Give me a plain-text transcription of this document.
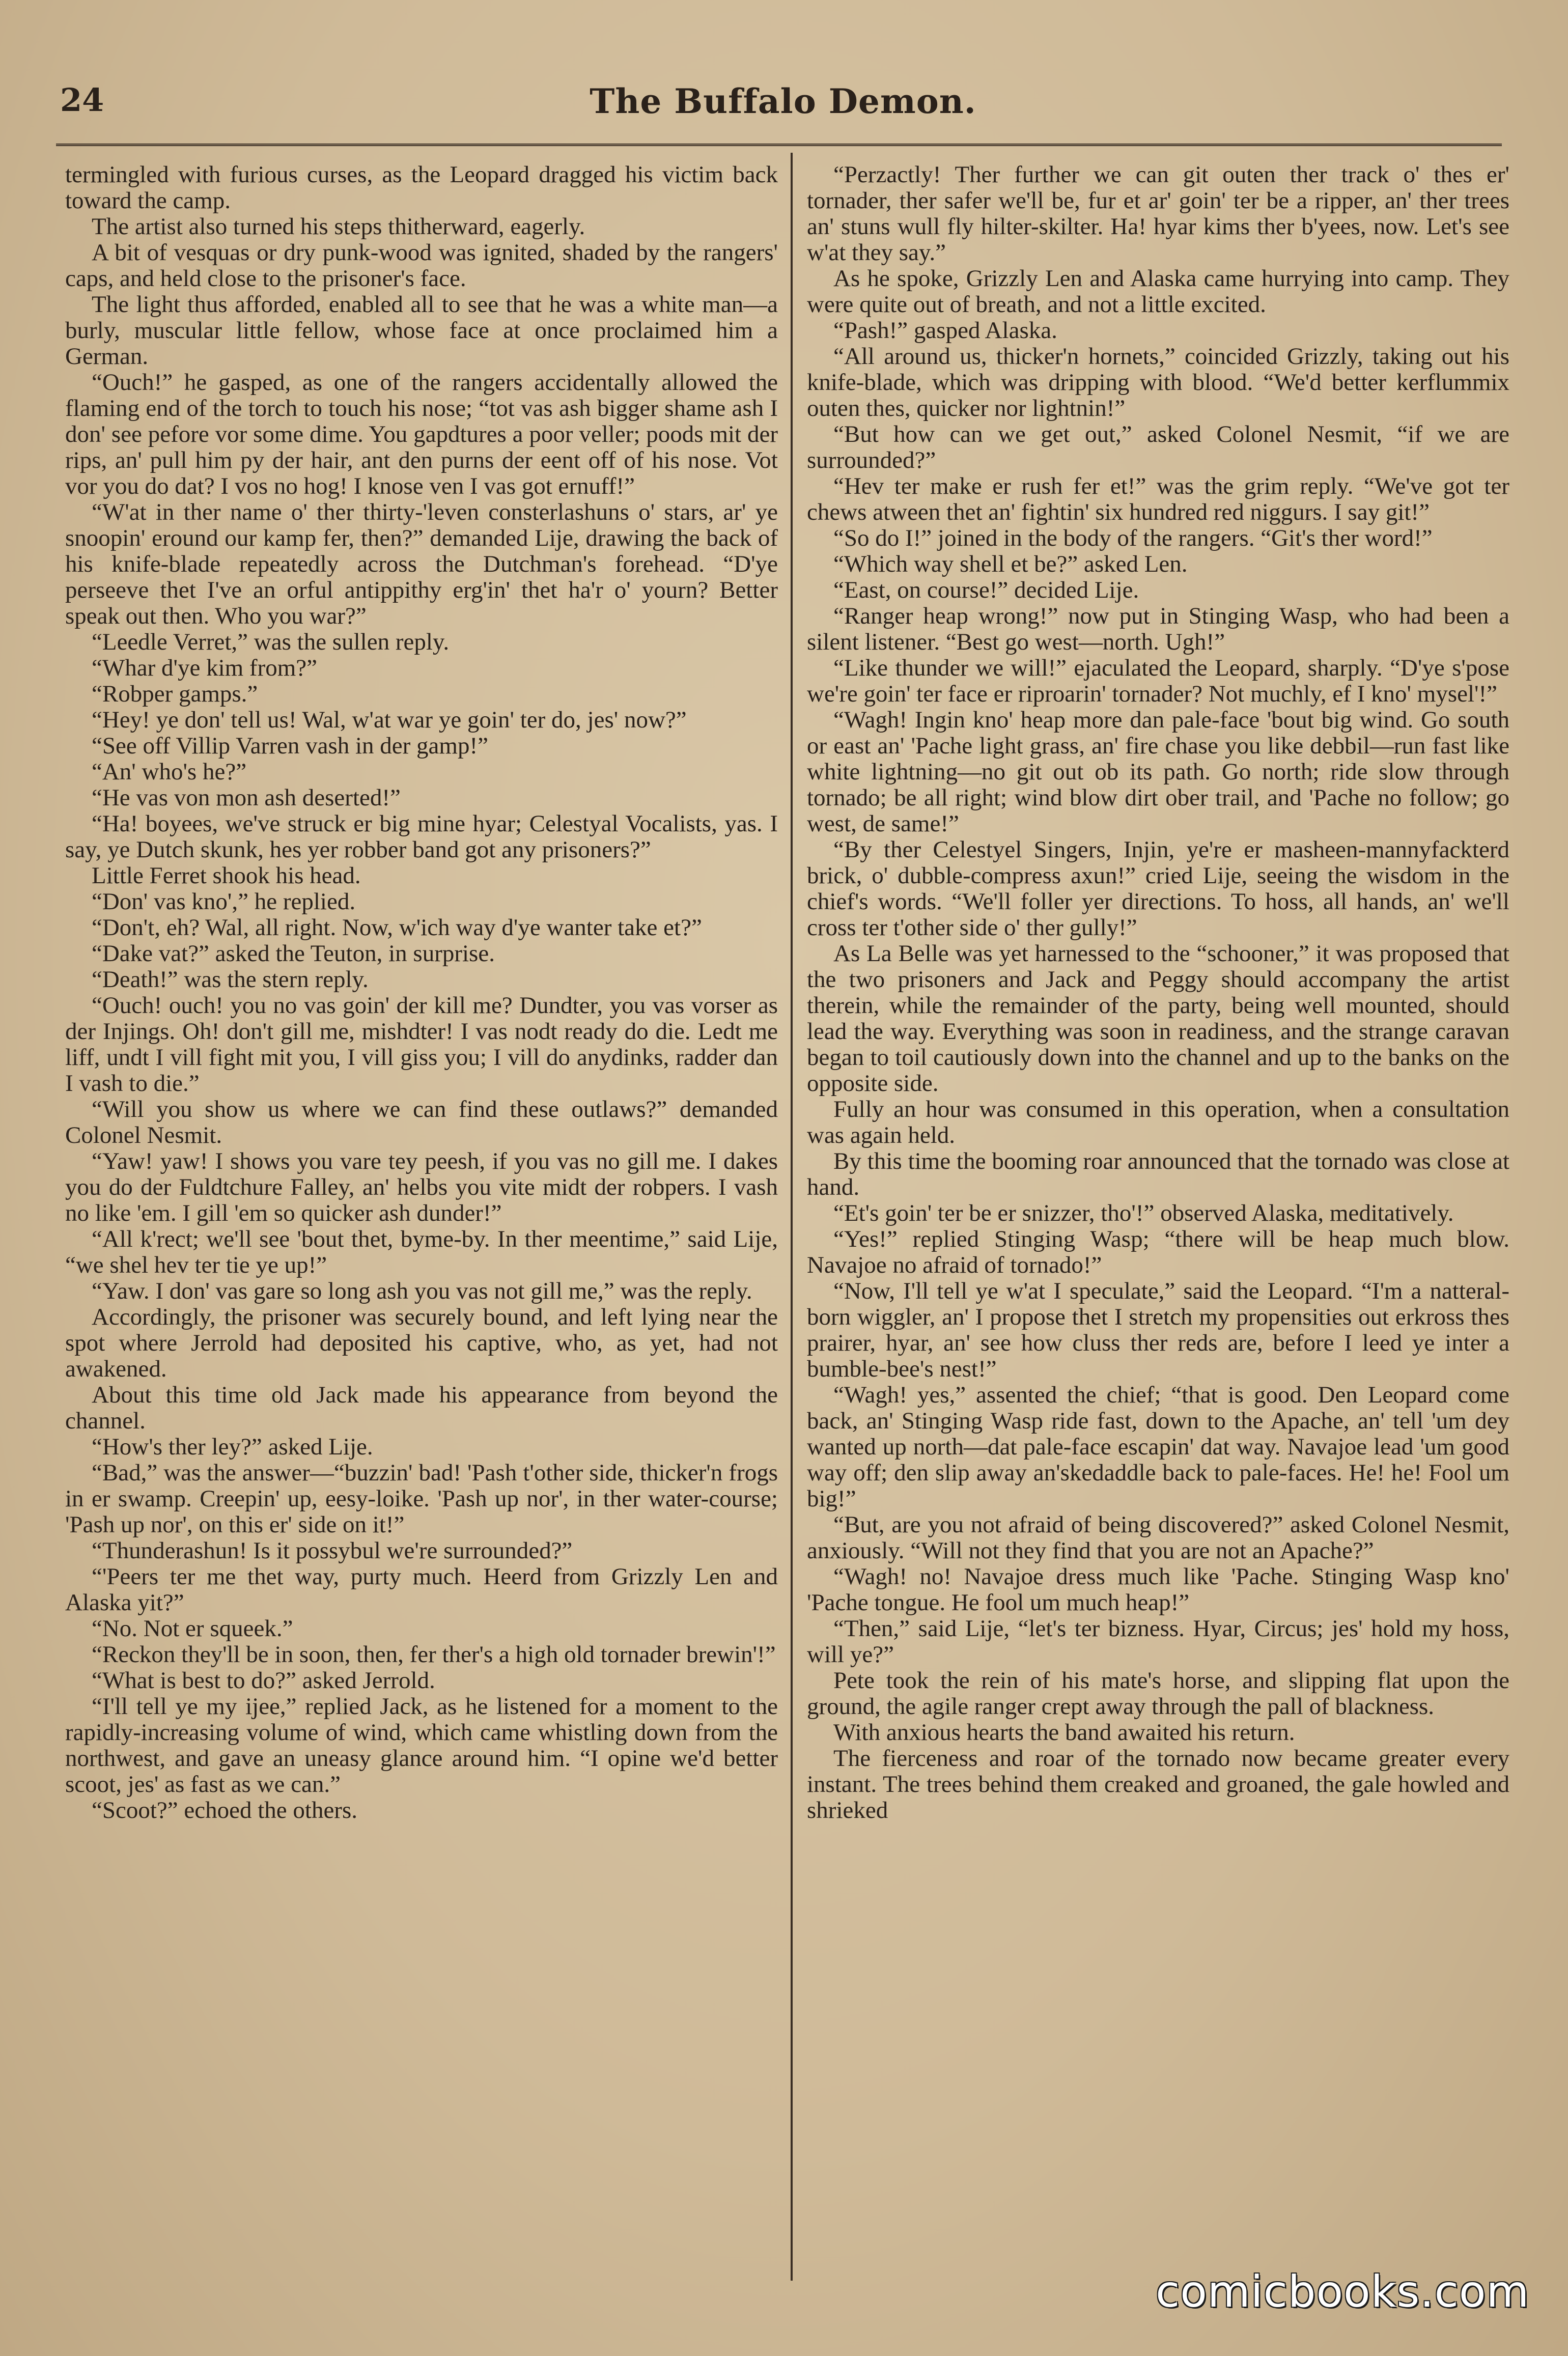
24	The Buffalo Demon.

termingled with furious curses, as the Leopard dragged his victim back toward the camp.

The artist also turned his steps thitherward, eagerly.

A bit of vesquas or dry punk-wood was ignited, shaded by the rangers' caps, and held close to the prisoner's face.

The light thus afforded, enabled all to see that he was a white man—a burly, muscular little fellow, whose face at once proclaimed him a German.

“Ouch!” he gasped, as one of the rangers accidentally allowed the flaming end of the torch to touch his nose; “tot vas ash bigger shame ash I don' see pefore vor some dime. You gapdtures a poor veller; poods mit der rips, an' pull him py der hair, ant den purns der eent off of his nose. Vot vor you do dat? I vos no hog! I knose ven I vas got ernuff!”

“W'at in ther name o' ther thirty-'leven consterlashuns o' stars, ar' ye snoopin' eround our kamp fer, then?” demanded Lije, drawing the back of his knife-blade repeatedly across the Dutchman's forehead. “D'ye perseeve thet I've an orful antippithy erg'in' thet ha'r o' yourn? Better speak out then. Who you war?”

“Leedle Verret,” was the sullen reply.

“Whar d'ye kim from?”

“Robper gamps.”

“Hey! ye don' tell us! Wal, w'at war ye goin' ter do, jes' now?”

“See off Villip Varren vash in der gamp!”

“An' who's he?”

“He vas von mon ash deserted!”

“Ha! boyees, we've struck er big mine hyar; Celestyal Vocalists, yas. I say, ye Dutch skunk, hes yer robber band got any prisoners?”

Little Ferret shook his head.

“Don' vas kno',” he replied.

“Don't, eh? Wal, all right. Now, w'ich way d'ye wanter take et?”

“Dake vat?” asked the Teuton, in surprise.

“Death!” was the stern reply.

“Ouch! ouch! you no vas goin' der kill me? Dundter, you vas vorser as der Injings. Oh! don't gill me, mishdter! I vas nodt ready do die. Ledt me liff, undt I vill fight mit you, I vill giss you; I vill do anydinks, radder dan I vash to die.”

“Will you show us where we can find these outlaws?” demanded Colonel Nesmit.

“Yaw! yaw! I shows you vare tey peesh, if you vas no gill me. I dakes you do der Fuldtchure Falley, an' helbs you vite midt der robpers. I vash no like 'em. I gill 'em so quicker ash dunder!”

“All k'rect; we'll see 'bout thet, byme-by. In ther meentime,” said Lije, “we shel hev ter tie ye up!”

“Yaw. I don' vas gare so long ash you vas not gill me,” was the reply.

Accordingly, the prisoner was securely bound, and left lying near the spot where Jerrold had deposited his captive, who, as yet, had not awakened.

About this time old Jack made his appearance from beyond the channel.

“How's ther ley?” asked Lije.

“Bad,” was the answer—“buzzin' bad! 'Pash t'other side, thicker'n frogs in er swamp. Creepin' up, eesy-loike. 'Pash up nor', in ther water-course; 'Pash up nor', on this er' side on it!”

“Thunderashun! Is it possybul we're surrounded?”

“'Peers ter me thet way, purty much. Heerd from Grizzly Len and Alaska yit?”

“No. Not er squeek.”

“Reckon they'll be in soon, then, fer ther's a high old tornader brewin'!”

“What is best to do?” asked Jerrold.

“I'll tell ye my ijee,” replied Jack, as he listened for a moment to the rapidly-increasing volume of wind, which came whistling down from the northwest, and gave an uneasy glance around him. “I opine we'd better scoot, jes' as fast as we can.”

“Scoot?” echoed the others.

“Perzactly! Ther further we can git outen ther track o' thes er' tornader, ther safer we'll be, fur et ar' goin' ter be a ripper, an' ther trees an' stuns wull fly hilter-skilter. Ha! hyar kims ther b'yees, now. Let's see w'at they say.”

As he spoke, Grizzly Len and Alaska came hurrying into camp. They were quite out of breath, and not a little excited.

“Pash!” gasped Alaska.

“All around us, thicker'n hornets,” coincided Grizzly, taking out his knife-blade, which was dripping with blood. “We'd better kerflummix outen thes, quicker nor lightnin!”

“But how can we get out,” asked Colonel Nesmit, “if we are surrounded?”

“Hev ter make er rush fer et!” was the grim reply. “We've got ter chews atween thet an' fightin' six hundred red niggurs. I say git!”

“So do I!” joined in the body of the rangers. “Git's ther word!”

“Which way shell et be?” asked Len.

“East, on course!” decided Lije.

“Ranger heap wrong!” now put in Stinging Wasp, who had been a silent listener. “Best go west—north. Ugh!”

“Like thunder we will!” ejaculated the Leopard, sharply. “D'ye s'pose we're goin' ter face er riproarin' tornader? Not muchly, ef I kno' mysel'!”

“Wagh! Ingin kno' heap more dan pale-face 'bout big wind. Go south or east an' 'Pache light grass, an' fire chase you like debbil—run fast like white lightning—no git out ob its path. Go north; ride slow through tornado; be all right; wind blow dirt ober trail, and 'Pache no follow; go west, de same!”

“By ther Celestyel Singers, Injin, ye're er masheen-mannyfackterd brick, o' dubble-compress axun!” cried Lije, seeing the wisdom in the chief's words. “We'll foller yer directions. To hoss, all hands, an' we'll cross ter t'other side o' ther gully!”

As La Belle was yet harnessed to the “schooner,” it was proposed that the two prisoners and Jack and Peggy should accompany the artist therein, while the remainder of the party, being well mounted, should lead the way. Everything was soon in readiness, and the strange caravan began to toil cautiously down into the channel and up to the banks on the opposite side.

Fully an hour was consumed in this operation, when a consultation was again held.

By this time the booming roar announced that the tornado was close at hand.

“Et's goin' ter be er snizzer, tho'!” observed Alaska, meditatively.

“Yes!” replied Stinging Wasp; “there will be heap much blow. Navajoe no afraid of tornado!”

“Now, I'll tell ye w'at I speculate,” said the Leopard. “I'm a natteral-born wiggler, an' I propose thet I stretch my propensities out erkross thes prairer, hyar, an' see how cluss ther reds are, before I leed ye inter a bumble-bee's nest!”

“Wagh! yes,” assented the chief; “that is good. Den Leopard come back, an' Stinging Wasp ride fast, down to the Apache, an' tell 'um dey wanted up north—dat pale-face escapin' dat way. Navajoe lead 'um good way off; den slip away an'skedaddle back to pale-faces. He! he! Fool um big!”

“But, are you not afraid of being discovered?” asked Colonel Nesmit, anxiously. “Will not they find that you are not an Apache?”

“Wagh! no! Navajoe dress much like 'Pache. Stinging Wasp kno' 'Pache tongue. He fool um much heap!”

“Then,” said Lije, “let's ter bizness. Hyar, Circus; jes' hold my hoss, will ye?”

Pete took the rein of his mate's horse, and slipping flat upon the ground, the agile ranger crept away through the pall of blackness.

With anxious hearts the band awaited his return.

The fierceness and roar of the tornado now became greater every instant. The trees behind them creaked and groaned, the gale howled and shrieked

comicbooks.com
